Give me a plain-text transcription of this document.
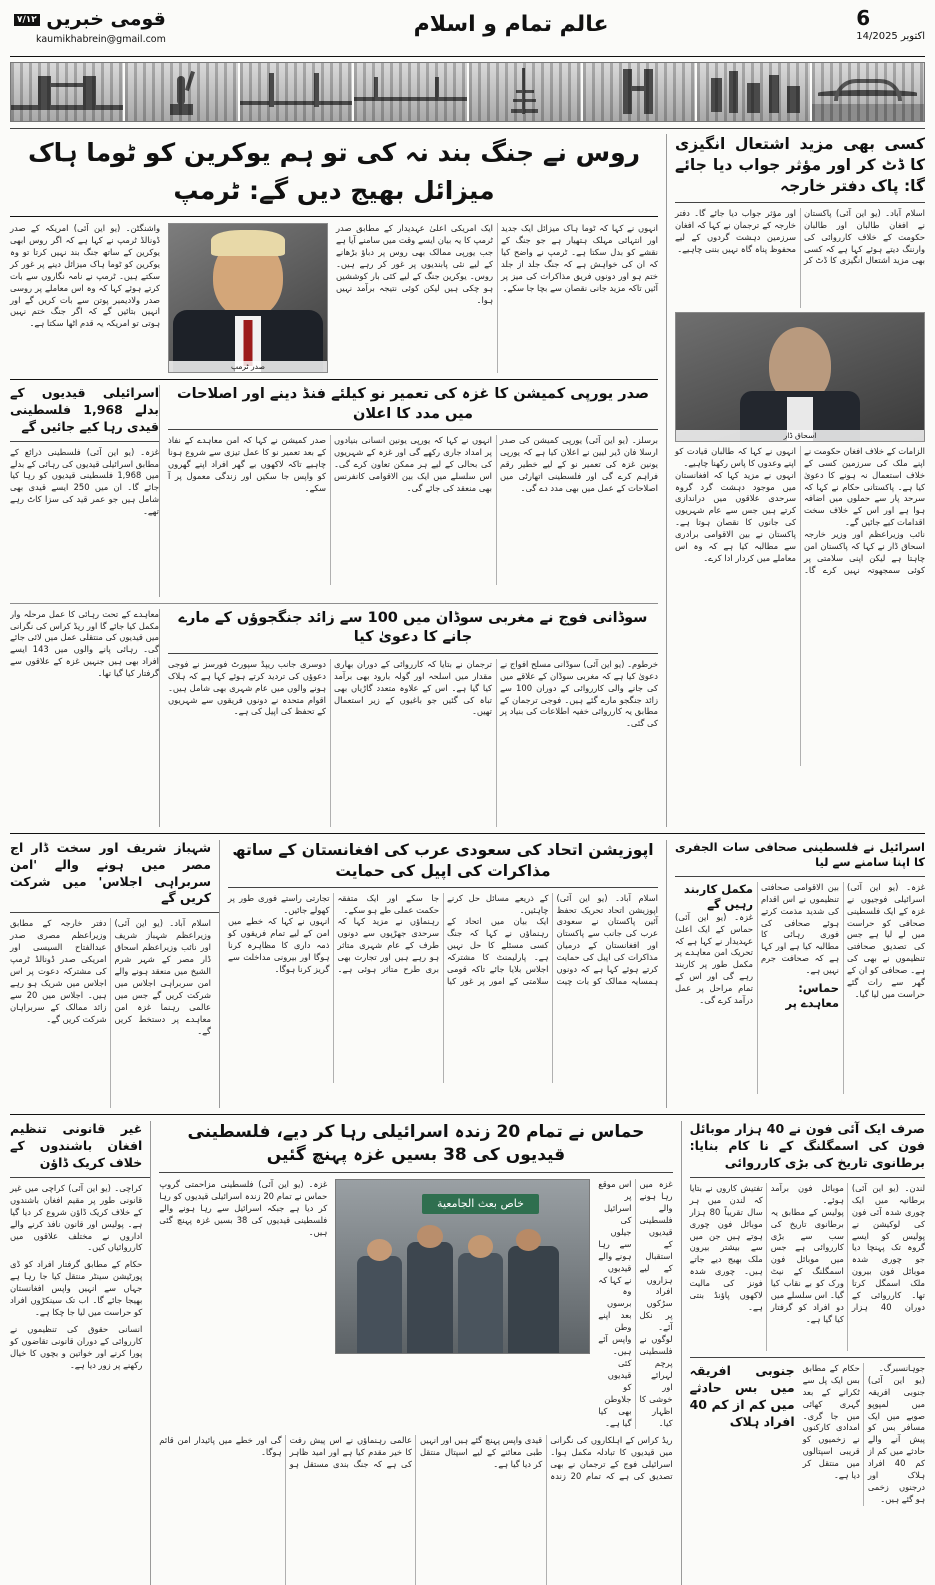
6
14/اکتوبر 2025
عالم تمام و اسلام
قومی خبریں ۷/۱۲
kaumikhabrein@gmail.com
کسی بھی مزید اشتعال انگیزی کا ڈٹ کر اور مؤثر جواب دیا جائے گا: پاک دفتر خارجہ
اسلام آباد۔ (یو این آئی) پاکستان نے افغان طالبان اور طالبان حکومت کے خلاف کارروائی کی وارننگ دیتے ہوئے کہا ہے کہ کسی بھی مزید اشتعال انگیزی کا ڈٹ کر اور مؤثر جواب دیا جائے گا۔ دفتر خارجہ کے ترجمان نے کہا کہ افغان سرزمین دہشت گردوں کے لیے محفوظ پناہ گاہ نہیں بننی چاہیے۔
اسحاق ڈار
الزامات کے خلاف افغان حکومت نے اپنے ملک کی سرزمین کسی کے خلاف استعمال نہ ہونے کا دعویٰ کیا ہے۔ پاکستانی حکام نے کہا کہ سرحد پار سے حملوں میں اضافہ ہوا ہے اور اس کے خلاف سخت اقدامات کیے جائیں گے۔
نائب وزیراعظم اور وزیر خارجہ اسحاق ڈار نے کہا کہ پاکستان امن چاہتا ہے لیکن اپنی سلامتی پر کوئی سمجھوتہ نہیں کرے گا۔ انہوں نے کہا کہ طالبان قیادت کو اپنے وعدوں کا پاس رکھنا چاہیے۔
انہوں نے مزید کہا کہ افغانستان میں موجود دہشت گرد گروہ سرحدی علاقوں میں دراندازی کرتے ہیں جس سے عام شہریوں کی جانوں کا نقصان ہوتا ہے۔ پاکستان نے بین الاقوامی برادری سے مطالبہ کیا ہے کہ وہ اس معاملے میں کردار ادا کرے۔
روس نے جنگ بند نہ کی تو ہم یوکرین کو ٹوما ہاک میزائل بھیج دیں گے: ٹرمپ
انہوں نے کہا کہ ٹوما ہاک میزائل ایک جدید اور انتہائی مہلک ہتھیار ہے جو جنگ کے نقشے کو بدل سکتا ہے۔ ٹرمپ نے واضح کیا کہ ان کی خواہش ہے کہ جنگ جلد از جلد ختم ہو اور دونوں فریق مذاکرات کی میز پر آئیں تاکہ مزید جانی نقصان سے بچا جا سکے۔
ایک امریکی اعلیٰ عہدیدار کے مطابق صدر ٹرمپ کا یہ بیان ایسے وقت میں سامنے آیا ہے جب یورپی ممالک بھی روس پر دباؤ بڑھانے کے لیے نئی پابندیوں پر غور کر رہے ہیں۔ روس۔ یوکرین جنگ کے لیے کئی بار کوششیں ہو چکی ہیں لیکن کوئی نتیجہ برآمد نہیں ہوا۔
صدر ٹرمپ
واشنگٹن۔ (یو این آئی) امریکہ کے صدر ڈونالڈ ٹرمپ نے کہا ہے کہ اگر روس ابھی یوکرین کے ساتھ جنگ بند نہیں کرتا تو وہ یوکرین کو ٹوما ہاک میزائل دینے پر غور کر سکتے ہیں۔ ٹرمپ نے نامہ نگاروں سے بات کرتے ہوئے کہا کہ وہ اس معاملے پر روسی صدر ولادیمیر پوتن سے بات کریں گے اور انہیں بتائیں گے کہ اگر جنگ ختم نہیں ہوتی تو امریکہ یہ قدم اٹھا سکتا ہے۔
صدر یورپی کمیشن کا غزہ کی تعمیر نو کیلئے فنڈ دینے اور اصلاحات میں مدد کا اعلان
برسلز۔ (یو این آئی) یورپی کمیشن کی صدر ارسلا فان ڈیر لیین نے اعلان کیا ہے کہ یورپی یونین غزہ کی تعمیر نو کے لیے خطیر رقم فراہم کرے گی اور فلسطینی اتھارٹی میں اصلاحات کے عمل میں بھی مدد دے گی۔
انہوں نے کہا کہ یورپی یونین انسانی بنیادوں پر امداد جاری رکھے گی اور غزہ کے شہریوں کی بحالی کے لیے ہر ممکن تعاون کرے گی۔ اس سلسلے میں ایک بین الاقوامی کانفرنس بھی منعقد کی جائے گی۔
صدر کمیشن نے کہا کہ امن معاہدے کے نفاذ کے بعد تعمیر نو کا عمل تیزی سے شروع ہونا چاہیے تاکہ لاکھوں بے گھر افراد اپنے گھروں کو واپس جا سکیں اور زندگی معمول پر آ سکے۔
اسرائیلی قیدیوں کے بدلے 1,968 فلسطینی قیدی رہا کیے جائیں گے
غزہ۔ (یو این آئی) فلسطینی ذرائع کے مطابق اسرائیلی قیدیوں کی رہائی کے بدلے میں 1,968 فلسطینی قیدیوں کو رہا کیا جائے گا۔ ان میں 250 ایسے قیدی بھی شامل ہیں جو عمر قید کی سزا کاٹ رہے تھے۔
سوڈانی فوج نے مغربی سوڈان میں 100 سے زائد جنگجوؤں کے مارے جانے کا دعویٰ کیا
خرطوم۔ (یو این آئی) سوڈانی مسلح افواج نے دعویٰ کیا ہے کہ مغربی سوڈان کے علاقے میں کی جانے والی کارروائی کے دوران 100 سے زائد جنگجو مارے گئے ہیں۔ فوجی ترجمان کے مطابق یہ کارروائی خفیہ اطلاعات کی بنیاد پر کی گئی۔
ترجمان نے بتایا کہ کارروائی کے دوران بھاری مقدار میں اسلحہ اور گولہ بارود بھی برآمد کیا گیا ہے۔ اس کے علاوہ متعدد گاڑیاں بھی تباہ کی گئیں جو باغیوں کے زیر استعمال تھیں۔
دوسری جانب ریپڈ سپورٹ فورسز نے فوجی دعوؤں کی تردید کرتے ہوئے کہا ہے کہ ہلاک ہونے والوں میں عام شہری بھی شامل ہیں۔ اقوام متحدہ نے دونوں فریقوں سے شہریوں کے تحفظ کی اپیل کی ہے۔
معاہدے کے تحت رہائی کا عمل مرحلہ وار مکمل کیا جائے گا اور ریڈ کراس کی نگرانی میں قیدیوں کی منتقلی عمل میں لائی جائے گی۔ رہائی پانے والوں میں 143 ایسے افراد بھی ہیں جنہیں غزہ کے علاقوں سے گرفتار کیا گیا تھا۔
اسرائیل نے فلسطینی صحافی سات الجفری کا اپنا سامنے سے لیا
غزہ۔ (یو این آئی) اسرائیلی فوجیوں نے غزہ کے ایک فلسطینی صحافی کو حراست میں لے لیا ہے جس کی تصدیق صحافتی تنظیموں نے بھی کی ہے۔ صحافی کو ان کے گھر سے رات گئے حراست میں لیا گیا۔
بین الاقوامی صحافتی تنظیموں نے اس اقدام کی شدید مذمت کرتے ہوئے صحافی کی فوری رہائی کا مطالبہ کیا ہے اور کہا ہے کہ صحافت جرم نہیں ہے۔
حماس: معاہدے پر مکمل کاربند رہیں گے
غزہ۔ (یو این آئی) حماس کے ایک اعلیٰ عہدیدار نے کہا ہے کہ تحریک امن معاہدے پر مکمل طور پر کاربند رہے گی اور اس کے تمام مراحل پر عمل درآمد کرے گی۔
اپوزیشن اتحاد کی سعودی عرب کی افغانستان کے ساتھ مذاکرات کی اپیل کی حمایت
اسلام آباد۔ (یو این آئی) اپوزیشن اتحاد تحریک تحفظ آئین پاکستان نے سعودی عرب کی جانب سے پاکستان اور افغانستان کے درمیان مذاکرات کی اپیل کی حمایت کرتے ہوئے کہا ہے کہ دونوں ہمسایہ ممالک کو بات چیت کے ذریعے مسائل حل کرنے چاہئیں۔
ایک بیان میں اتحاد کے رہنماؤں نے کہا کہ جنگ کسی مسئلے کا حل نہیں ہے۔ پارلیمنٹ کا مشترکہ اجلاس بلایا جائے تاکہ قومی سلامتی کے امور پر غور کیا جا سکے اور ایک متفقہ حکمت عملی طے ہو سکے۔
رہنماؤں نے مزید کہا کہ سرحدی جھڑپوں سے دونوں طرف کے عام شہری متاثر ہو رہے ہیں اور تجارت بھی بری طرح متاثر ہوئی ہے۔ تجارتی راستے فوری طور پر کھولے جائیں۔
انہوں نے کہا کہ خطے میں امن کے لیے تمام فریقوں کو ذمہ داری کا مظاہرہ کرنا ہوگا اور بیرونی مداخلت سے گریز کرنا ہوگا۔
شہباز شریف اور سخت ڈار اج مصر میں ہونے والے 'امن سربراہی اجلاس' میں شرکت کریں گے
اسلام آباد۔ (یو این آئی) وزیراعظم شہباز شریف اور نائب وزیراعظم اسحاق ڈار مصر کے شہر شرم الشیخ میں منعقد ہونے والے امن سربراہی اجلاس میں شرکت کریں گے جس میں عالمی رہنما غزہ امن معاہدے پر دستخط کریں گے۔
دفتر خارجہ کے مطابق وزیراعظم مصری صدر عبدالفتاح السیسی اور امریکی صدر ڈونالڈ ٹرمپ کی مشترکہ دعوت پر اس اجلاس میں شریک ہو رہے ہیں۔ اجلاس میں 20 سے زائد ممالک کے سربراہان شرکت کریں گے۔
صرف ایک آئی فون نے 40 ہزار موبائل فون کی اسمگلنگ کے نا کام بنایا: برطانوی تاریخ کی بڑی کارروائی
لندن۔ (یو این آئی) برطانیہ میں ایک چوری شدہ آئی فون کی لوکیشن نے پولیس کو ایسے گروہ تک پہنچا دیا جو چوری شدہ موبائل فون بیرون ملک اسمگل کرتا تھا۔ کارروائی کے دوران 40 ہزار موبائل فون برآمد ہوئے۔
پولیس کے مطابق یہ برطانوی تاریخ کی سب سے بڑی کارروائی ہے جس میں موبائل فون اسمگلنگ کے نیٹ ورک کو بے نقاب کیا گیا۔ اس سلسلے میں دو افراد کو گرفتار کیا گیا ہے۔
تفتیش کاروں نے بتایا کہ لندن میں ہر سال تقریباً 80 ہزار موبائل فون چوری ہوتے ہیں جن میں سے بیشتر بیرون ملک بھیج دیے جاتے ہیں۔ چوری شدہ فونز کی مالیت لاکھوں پاؤنڈ بنتی ہے۔
جوہانسبرگ۔ (یو این آئی) جنوبی افریقہ میں لمپوپو صوبے میں ایک مسافر بس کو پیش آنے والے حادثے میں کم از کم 40 افراد ہلاک اور درجنوں زخمی ہو گئے ہیں۔
حکام کے مطابق بس ایک پل سے ٹکرانے کے بعد گہری کھائی میں جا گری۔ امدادی کارکنوں نے زخمیوں کو قریبی اسپتالوں میں منتقل کر دیا ہے۔
جنوبی افریقہ میں بس حادثے میں کم از کم 40 افراد ہلاک
حماس نے تمام 20 زندہ اسرائیلی رہا کر دیے، فلسطینی قیدیوں کی 38 بسیں غزہ پہنچ گئیں
غزہ میں رہا ہونے والے فلسطینی قیدیوں کے استقبال کے لیے ہزاروں افراد سڑکوں پر نکل آئے۔ لوگوں نے فلسطینی پرچم لہرائے اور خوشی کا اظہار کیا۔
اس موقع پر اسرائیل کی جیلوں سے رہا ہونے والے قیدیوں نے کہا کہ وہ برسوں بعد اپنے وطن واپس آئے ہیں۔ کئی قیدیوں کو جلاوطن بھی کیا گیا ہے۔
خاص بعث الجامعیة
غزہ۔ (یو این آئی) فلسطینی مزاحمتی گروپ حماس نے تمام 20 زندہ اسرائیلی قیدیوں کو رہا کر دیا ہے جبکہ اسرائیل سے رہا ہونے والے فلسطینی قیدیوں کی 38 بسیں غزہ پہنچ گئی ہیں۔
ریڈ کراس کے اہلکاروں کی نگرانی میں قیدیوں کا تبادلہ مکمل ہوا۔ اسرائیلی فوج کے ترجمان نے بھی تصدیق کی ہے کہ تمام 20 زندہ قیدی واپس پہنچ گئے ہیں اور انہیں طبی معائنے کے لیے اسپتال منتقل کر دیا گیا ہے۔
عالمی رہنماؤں نے اس پیش رفت کا خیر مقدم کیا ہے اور امید ظاہر کی ہے کہ جنگ بندی مستقل ہو گی اور خطے میں پائیدار امن قائم ہوگا۔
غیر قانونی تنظیم افغان باشندوں کے خلاف کریک ڈاؤن
کراچی۔ (یو این آئی) کراچی میں غیر قانونی طور پر مقیم افغان باشندوں کے خلاف کریک ڈاؤن شروع کر دیا گیا ہے۔ پولیس اور قانون نافذ کرنے والے اداروں نے مختلف علاقوں میں کارروائیاں کیں۔
حکام کے مطابق گرفتار افراد کو ڈی پورٹیشن سینٹر منتقل کیا جا رہا ہے جہاں سے انہیں واپس افغانستان بھیجا جائے گا۔ اب تک سینکڑوں افراد کو حراست میں لیا جا چکا ہے۔
انسانی حقوق کی تنظیموں نے کارروائی کے دوران قانونی تقاضوں کو پورا کرنے اور خواتین و بچوں کا خیال رکھنے پر زور دیا ہے۔
